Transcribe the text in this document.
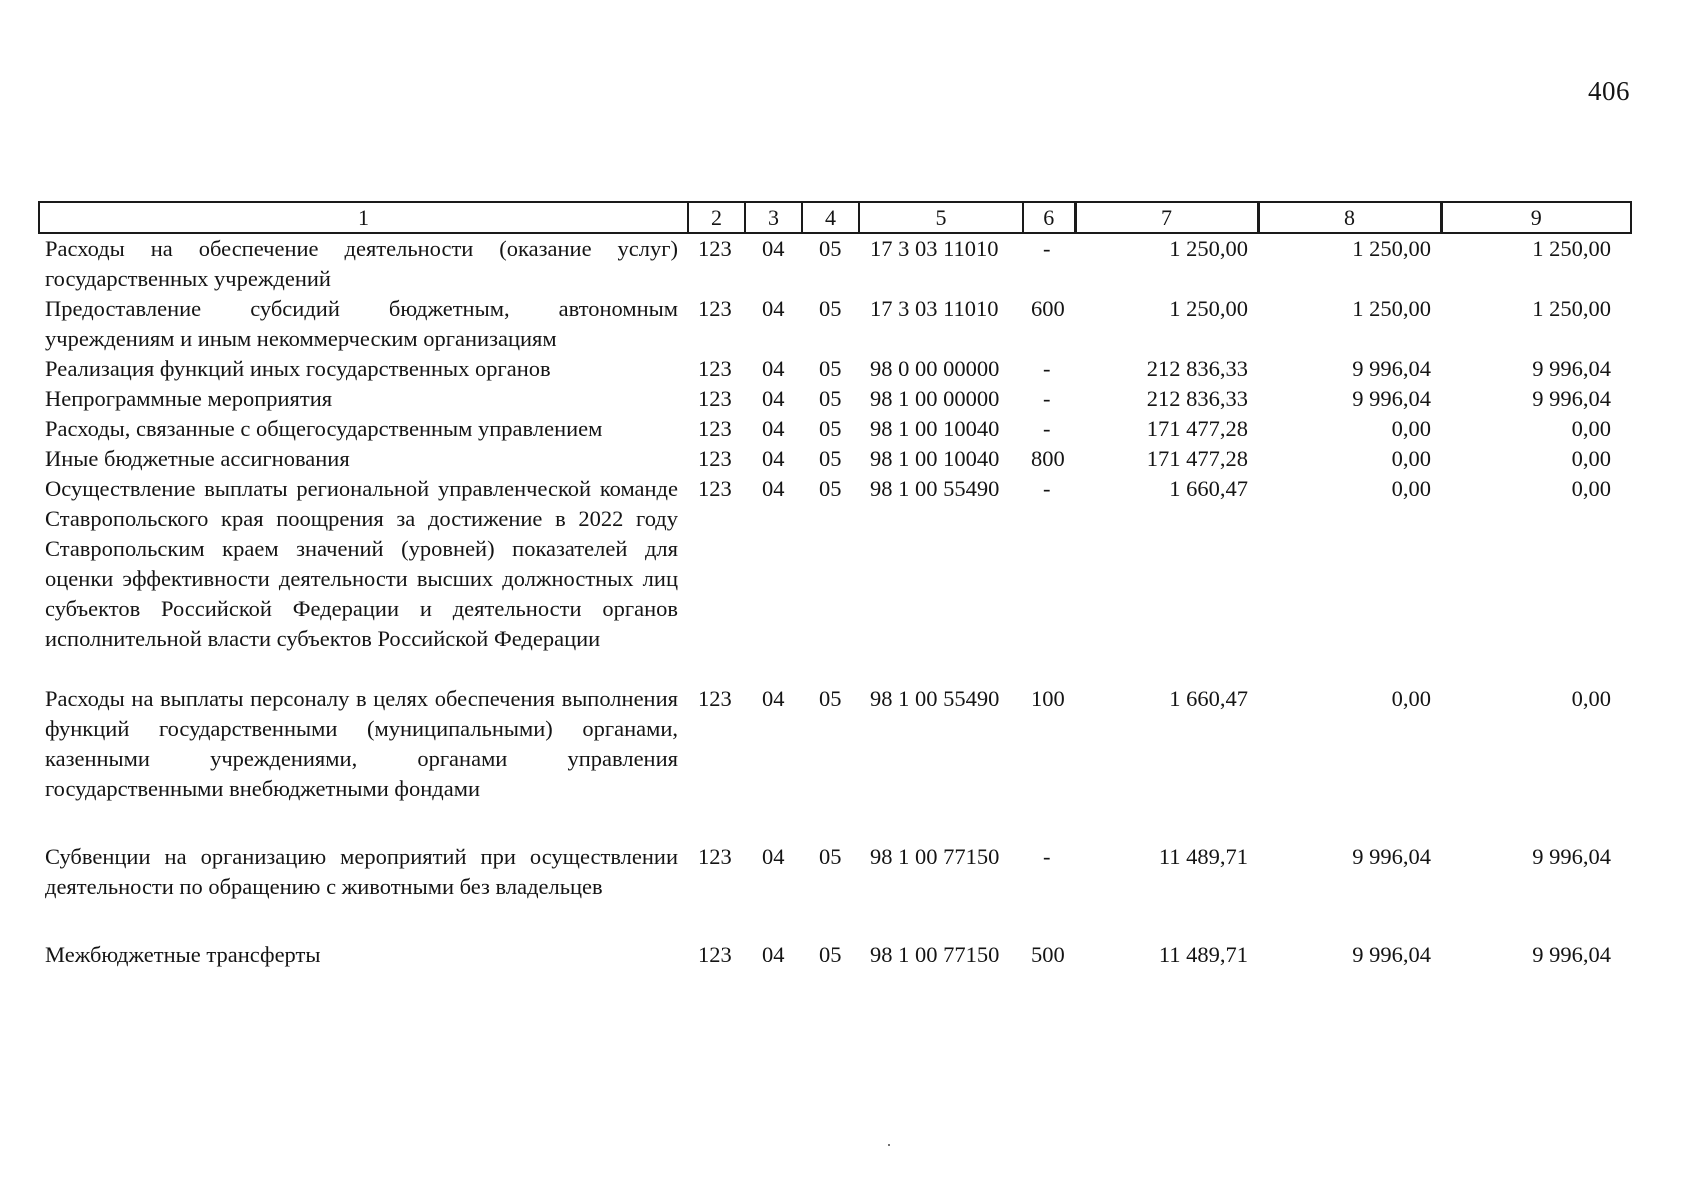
406
1	2	3	4	5	6	7	8	9
Расходы на обеспечение деятельности (оказание услуг) государственных учреждений	123	04	05	17 3 03 11010	-	1 250,00	1 250,00	1 250,00
Предоставление субсидий бюджетным, автономным учреждениям и иным некоммерческим организациям	123	04	05	17 3 03 11010	600	1 250,00	1 250,00	1 250,00
Реализация функций иных государственных органов	123	04	05	98 0 00 00000	-	212 836,33	9 996,04	9 996,04
Непрограммные мероприятия	123	04	05	98 1 00 00000	-	212 836,33	9 996,04	9 996,04
Расходы, связанные с общегосударственным управлением	123	04	05	98 1 00 10040	-	171 477,28	0,00	0,00
Иные бюджетные ассигнования	123	04	05	98 1 00 10040	800	171 477,28	0,00	0,00
Осуществление выплаты региональной управленческой команде Ставропольского края поощрения за достижение в 2022 году Ставропольским краем значений (уровней) показателей для оценки эффективности деятельности высших должностных лиц субъектов Российской Федерации и деятельности органов исполнительной власти субъектов Российской Федерации	123	04	05	98 1 00 55490	-	1 660,47	0,00	0,00
Расходы на выплаты персоналу в целях обеспечения выполнения функций государственными (муниципальными) органами, казенными учреждениями, органами управления государственными внебюджетными фондами	123	04	05	98 1 00 55490	100	1 660,47	0,00	0,00
Субвенции на организацию мероприятий при осуществлении деятельности по обращению с животными без владельцев	123	04	05	98 1 00 77150	-	11 489,71	9 996,04	9 996,04
Межбюджетные трансферты	123	04	05	98 1 00 77150	500	11 489,71	9 996,04	9 996,04
